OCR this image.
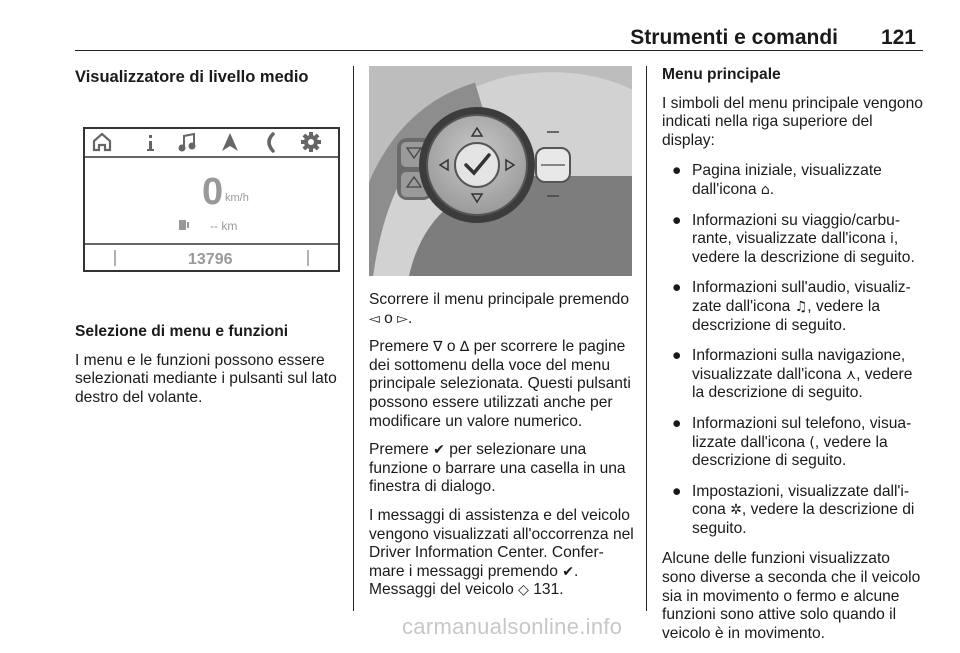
Strumenti e comandi 121
Visualizzatore di livello medio
0 km/h
-- km
13796

Selezione di menu e funzioni

I menu e le funzioni possono essere selezionati mediante i pulsanti sul lato destro del volante.

Scorrere il menu principale premendo ◅ o ▻.

Premere ∇ o ∆ per scorrere le pagine dei sottomenu della voce del menu principale selezionata. Questi pulsanti possono essere utilizzati anche per modificare un valore numerico.

Premere ✔ per selezionare una funzione o barrare una casella in una finestra di dialogo.

I messaggi di assistenza e del veicolo vengono visualizzati all'occorrenza nel Driver Information Center. Confer-mare i messaggi premendo ✔. Messaggi del veicolo ◇ 131.

Menu principale

I simboli del menu principale vengono indicati nella riga superiore del display:

● Pagina iniziale, visualizzate dall'icona ⌂.
● Informazioni su viaggio/carbu-rante, visualizzate dall'icona i, vedere la descrizione di seguito.
● Informazioni sull'audio, visualiz-zate dall'icona ♫, vedere la descrizione di seguito.
● Informazioni sulla navigazione, visualizzate dall'icona ⋏, vedere la descrizione di seguito.
● Informazioni sul telefono, visua-lizzate dall'icona (, vedere la descrizione di seguito.
● Impostazioni, visualizzate dall'i-cona ✲, vedere la descrizione di seguito.

Alcune delle funzioni visualizzato sono diverse a seconda che il veicolo sia in movimento o fermo e alcune funzioni sono attive solo quando il veicolo è in movimento.

carmanualsonline.info
